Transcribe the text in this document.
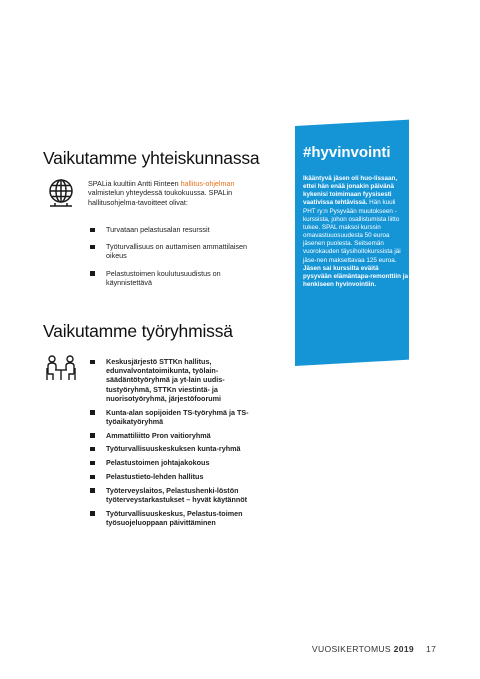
Vaikutamme yhteiskunnassa
SPALia kuultiin Antti Rinteen hallitus-ohjelman valmistelun yhteydessä toukokuussa. SPALin hallitusohjelma-tavoitteet olivat:
Turvataan pelastusalan resurssit
Työturvallisuus on auttamisen ammattilaisen oikeus
Pelastustoimen koulutusuudistus on käynnistettävä
Vaikutamme työryhmissä
Keskusjärjestö STTKn hallitus, edunvalvontatoimikunta, työlain-säädäntötyöryhmä ja yt-lain uudis-tustyöryhmä, STTKn viestintä- ja nuorisotyöryhmä, järjestöfoorumi
Kunta-alan sopijoiden TS-työryhmä ja TS-työaikatyöryhmä
Ammattiliitto Pron vaitioryhmä
Työturvallisuuskeskuksen kunta-ryhmä
Pelastustoimen johtajakokous
Pelastustieto-lehden hallitus
Työterveyslaitos, Pelastushenki-löstön työterveystarkastukset – hyvät käytännöt
Työturvallisuuskeskus, Pelastus-toimen työsuojeluoppaan päivittäminen
#hyvinvointi
Ikääntyvä jäsen oli huo-lissaan, ettei hän enää jonakin päivänä kykenisi toimimaan fyysisesti vaativissa tehtävissä. Hän kuuli PHT ry:n Pysyvään muutokseen -kurssista, johon osallistumista liitto tukee. SPAL maksoi kurssin omavastuuosuudesta 50 euroa jäsenen puolesta. Seitsemän vuorokauden täysihoitokurssista jäi jäse-nen maksettavaa 125 euroa. Jäsen sai kurssilta eväitä pysyvään elämäntapa-remonttiin ja henkiseen hyvinvointiin.
VUOSIKERTOMUS 2019 17
